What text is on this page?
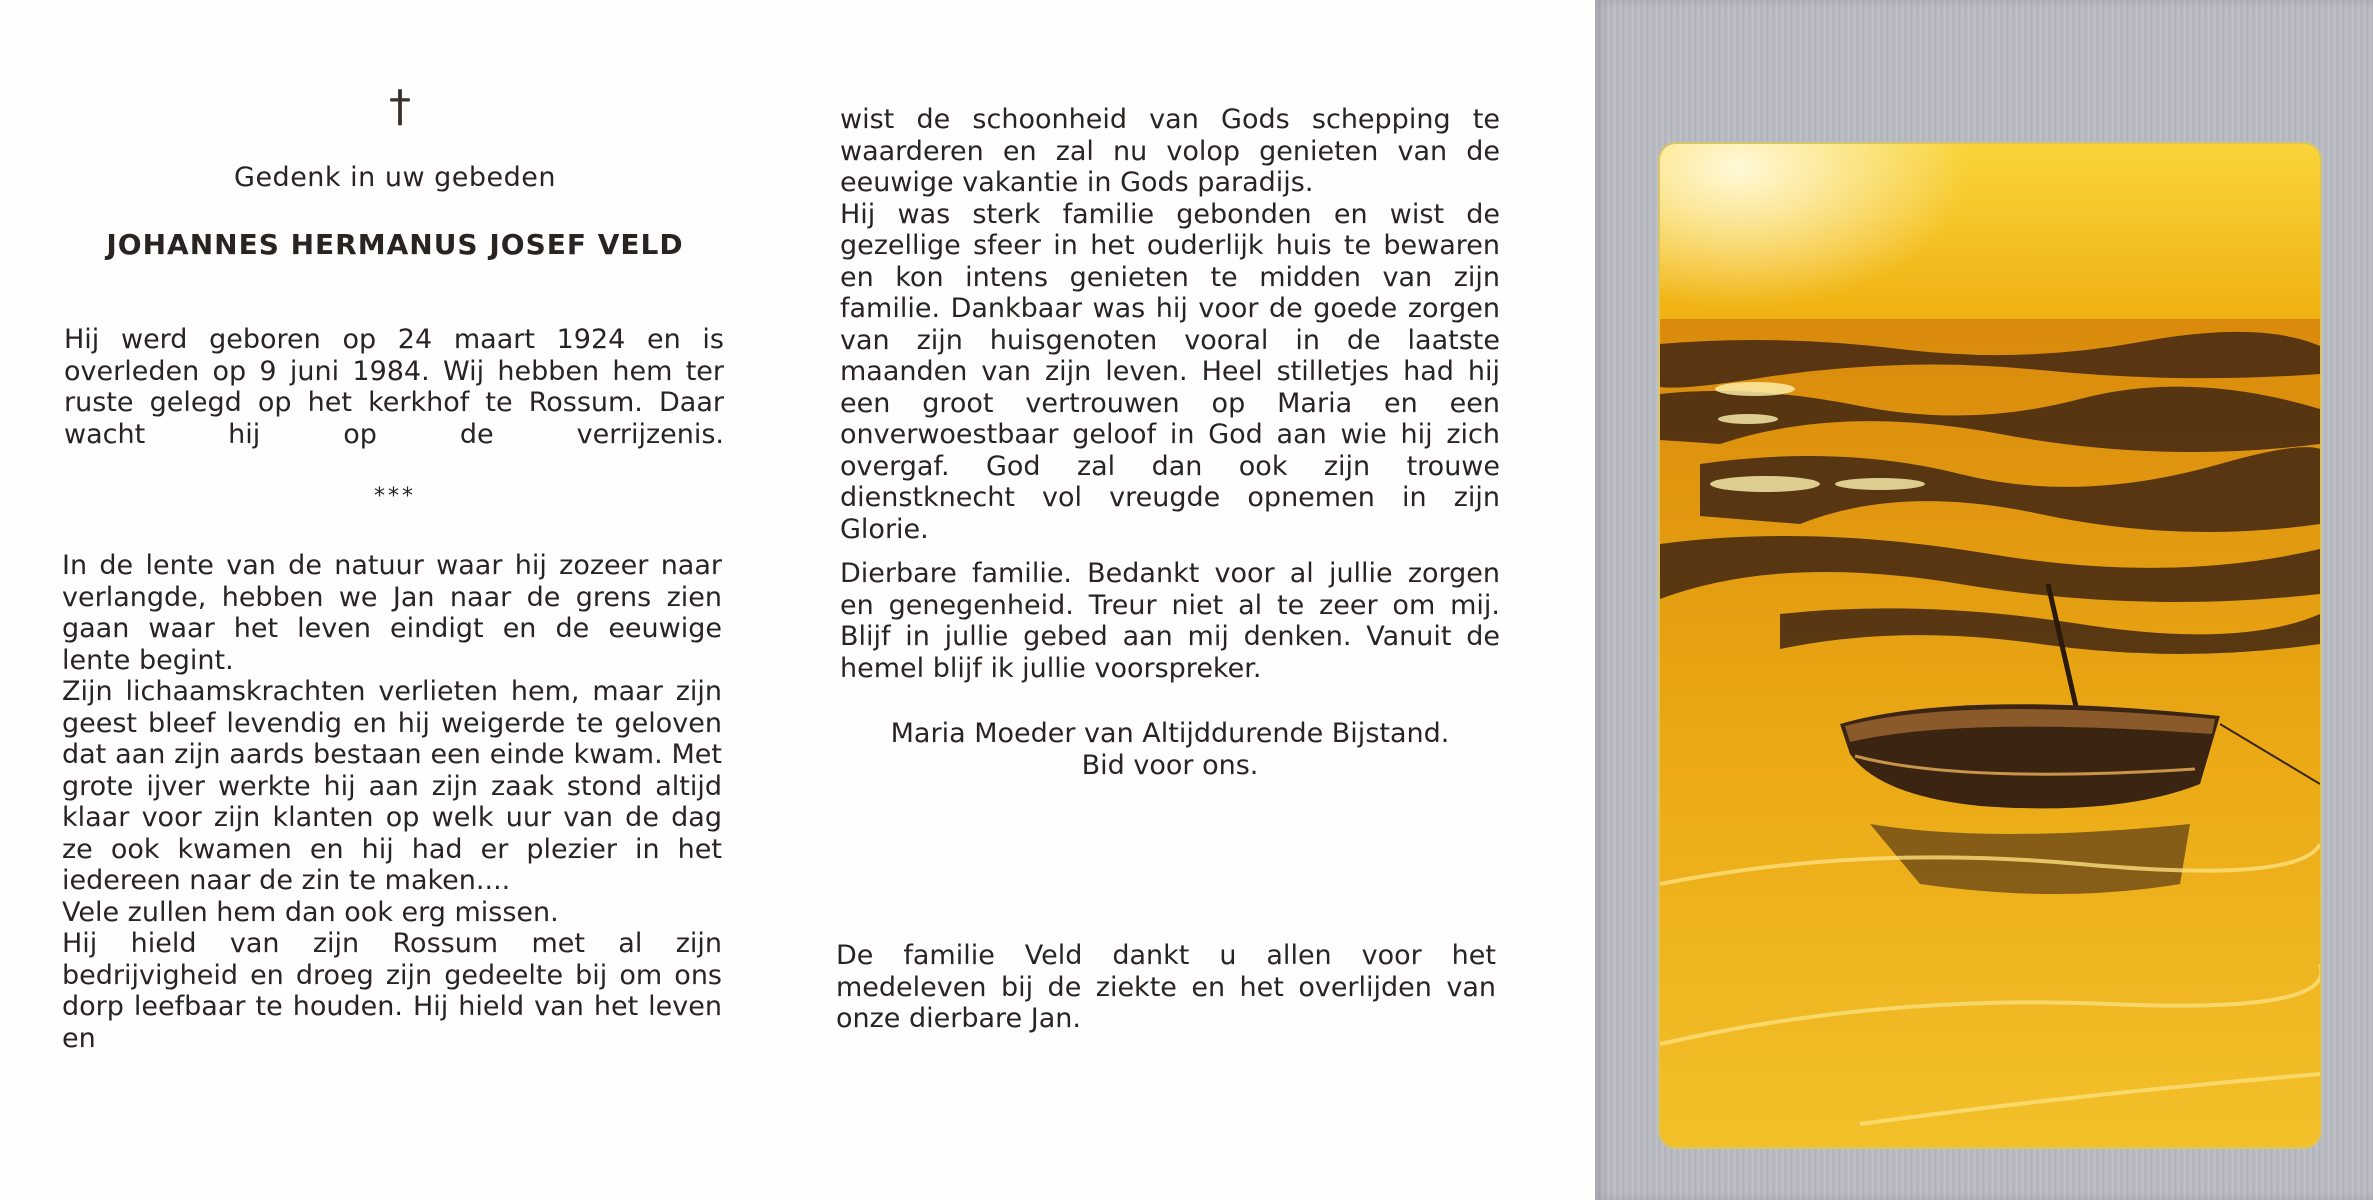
†
Gedenk in uw gebeden
JOHANNES HERMANUS JOSEF VELD

Hij werd geboren op 24 maart 1924 en is overleden op 9 juni 1984. Wij hebben hem ter ruste gelegd op het kerkhof te Rossum. Daar wacht hij op de verrijzenis.

***

In de lente van de natuur waar hij zozeer naar verlangde, hebben we Jan naar de grens zien gaan waar het leven eindigt en de eeuwige lente begint.

Zijn lichaamskrachten verlieten hem, maar zijn geest bleef levendig en hij weigerde te geloven dat aan zijn aards bestaan een einde kwam. Met grote ijver werkte hij aan zijn zaak stond altijd klaar voor zijn klanten op welk uur van de dag ze ook kwamen en hij had er plezier in het iedereen naar de zin te maken....

Vele zullen hem dan ook erg missen.

Hij hield van zijn Rossum met al zijn bedrijvigheid en droeg zijn gedeelte bij om ons dorp leefbaar te houden. Hij hield van het leven en

wist de schoonheid van Gods schepping te waarderen en zal nu volop genieten van de eeuwige vakantie in Gods paradijs.

Hij was sterk familie gebonden en wist de gezellige sfeer in het ouderlijk huis te bewaren en kon intens genieten te midden van zijn familie. Dankbaar was hij voor de goede zorgen van zijn huisgenoten vooral in de laatste maanden van zijn leven. Heel stilletjes had hij een groot vertrouwen op Maria en een onverwoestbaar geloof in God aan wie hij zich overgaf. God zal dan ook zijn trouwe dienstknecht vol vreugde opnemen in zijn Glorie.

Dierbare familie. Bedankt voor al jullie zorgen en genegenheid. Treur niet al te zeer om mij. Blijf in jullie gebed aan mij denken. Vanuit de hemel blijf ik jullie voorspreker.

Maria Moeder van Altijddurende Bijstand.
Bid voor ons.

De familie Veld dankt u allen voor het medeleven bij de ziekte en het overlijden van onze dierbare Jan.
